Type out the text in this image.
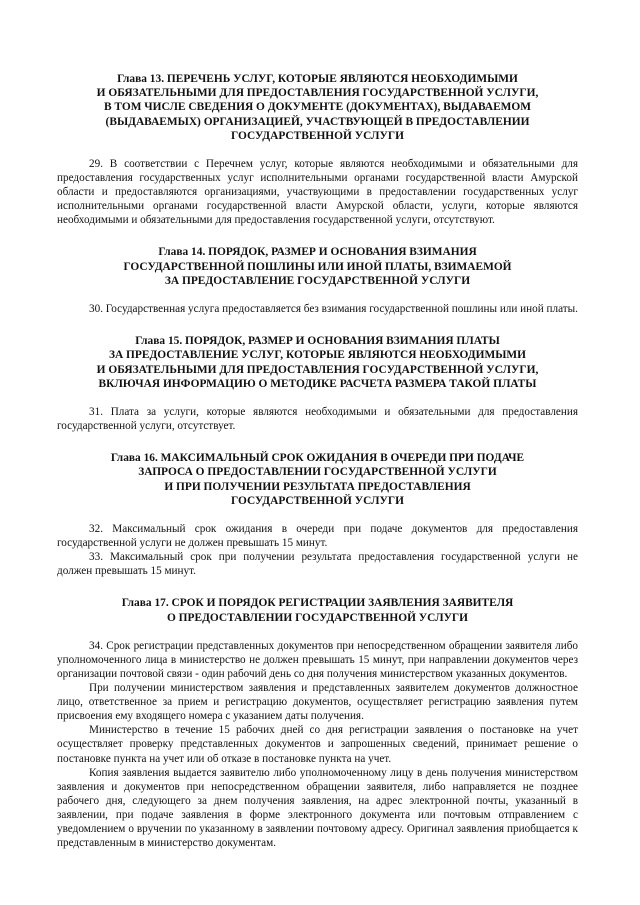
Глава 13. ПЕРЕЧЕНЬ УСЛУГ, КОТОРЫЕ ЯВЛЯЮТСЯ НЕОБХОДИМЫМИ
И ОБЯЗАТЕЛЬНЫМИ ДЛЯ ПРЕДОСТАВЛЕНИЯ ГОСУДАРСТВЕННОЙ УСЛУГИ,
В ТОМ ЧИСЛЕ СВЕДЕНИЯ О ДОКУМЕНТЕ (ДОКУМЕНТАХ), ВЫДАВАЕМОМ
(ВЫДАВАЕМЫХ) ОРГАНИЗАЦИЕЙ, УЧАСТВУЮЩЕЙ В ПРЕДОСТАВЛЕНИИ
ГОСУДАРСТВЕННОЙ УСЛУГИ

29. В соответствии с Перечнем услуг, которые являются необходимыми и обязательными для предоставления государственных услуг исполнительными органами государственной власти Амурской области и предоставляются организациями, участвующими в предоставлении государственных услуг исполнительными органами государственной власти Амурской области, услуги, которые являются необходимыми и обязательными для предоставления государственной услуги, отсутствуют.

Глава 14. ПОРЯДОК, РАЗМЕР И ОСНОВАНИЯ ВЗИМАНИЯ
ГОСУДАРСТВЕННОЙ ПОШЛИНЫ ИЛИ ИНОЙ ПЛАТЫ, ВЗИМАЕМОЙ
ЗА ПРЕДОСТАВЛЕНИЕ ГОСУДАРСТВЕННОЙ УСЛУГИ

30. Государственная услуга предоставляется без взимания государственной пошлины или иной платы.

Глава 15. ПОРЯДОК, РАЗМЕР И ОСНОВАНИЯ ВЗИМАНИЯ ПЛАТЫ
ЗА ПРЕДОСТАВЛЕНИЕ УСЛУГ, КОТОРЫЕ ЯВЛЯЮТСЯ НЕОБХОДИМЫМИ
И ОБЯЗАТЕЛЬНЫМИ ДЛЯ ПРЕДОСТАВЛЕНИЯ ГОСУДАРСТВЕННОЙ УСЛУГИ,
ВКЛЮЧАЯ ИНФОРМАЦИЮ О МЕТОДИКЕ РАСЧЕТА РАЗМЕРА ТАКОЙ ПЛАТЫ

31. Плата за услуги, которые являются необходимыми и обязательными для предоставления государственной услуги, отсутствует.

Глава 16. МАКСИМАЛЬНЫЙ СРОК ОЖИДАНИЯ В ОЧЕРЕДИ ПРИ ПОДАЧЕ
ЗАПРОСА О ПРЕДОСТАВЛЕНИИ ГОСУДАРСТВЕННОЙ УСЛУГИ
И ПРИ ПОЛУЧЕНИИ РЕЗУЛЬТАТА ПРЕДОСТАВЛЕНИЯ
ГОСУДАРСТВЕННОЙ УСЛУГИ

32. Максимальный срок ожидания в очереди при подаче документов для предоставления государственной услуги не должен превышать 15 минут.

33. Максимальный срок при получении результата предоставления государственной услуги не должен превышать 15 минут.

Глава 17. СРОК И ПОРЯДОК РЕГИСТРАЦИИ ЗАЯВЛЕНИЯ ЗАЯВИТЕЛЯ
О ПРЕДОСТАВЛЕНИИ ГОСУДАРСТВЕННОЙ УСЛУГИ

34. Срок регистрации представленных документов при непосредственном обращении заявителя либо уполномоченного лица в министерство не должен превышать 15 минут, при направлении документов через организации почтовой связи - один рабочий день со дня получения министерством указанных документов.

При получении министерством заявления и представленных заявителем документов должностное лицо, ответственное за прием и регистрацию документов, осуществляет регистрацию заявления путем присвоения ему входящего номера с указанием даты получения.

Министерство в течение 15 рабочих дней со дня регистрации заявления о постановке на учет осуществляет проверку представленных документов и запрошенных сведений, принимает решение о постановке пункта на учет или об отказе в постановке пункта на учет.

Копия заявления выдается заявителю либо уполномоченному лицу в день получения министерством заявления и документов при непосредственном обращении заявителя, либо направляется не позднее рабочего дня, следующего за днем получения заявления, на адрес электронной почты, указанный в заявлении, при подаче заявления в форме электронного документа или почтовым отправлением с уведомлением о вручении по указанному в заявлении почтовому адресу. Оригинал заявления приобщается к представленным в министерство документам.
